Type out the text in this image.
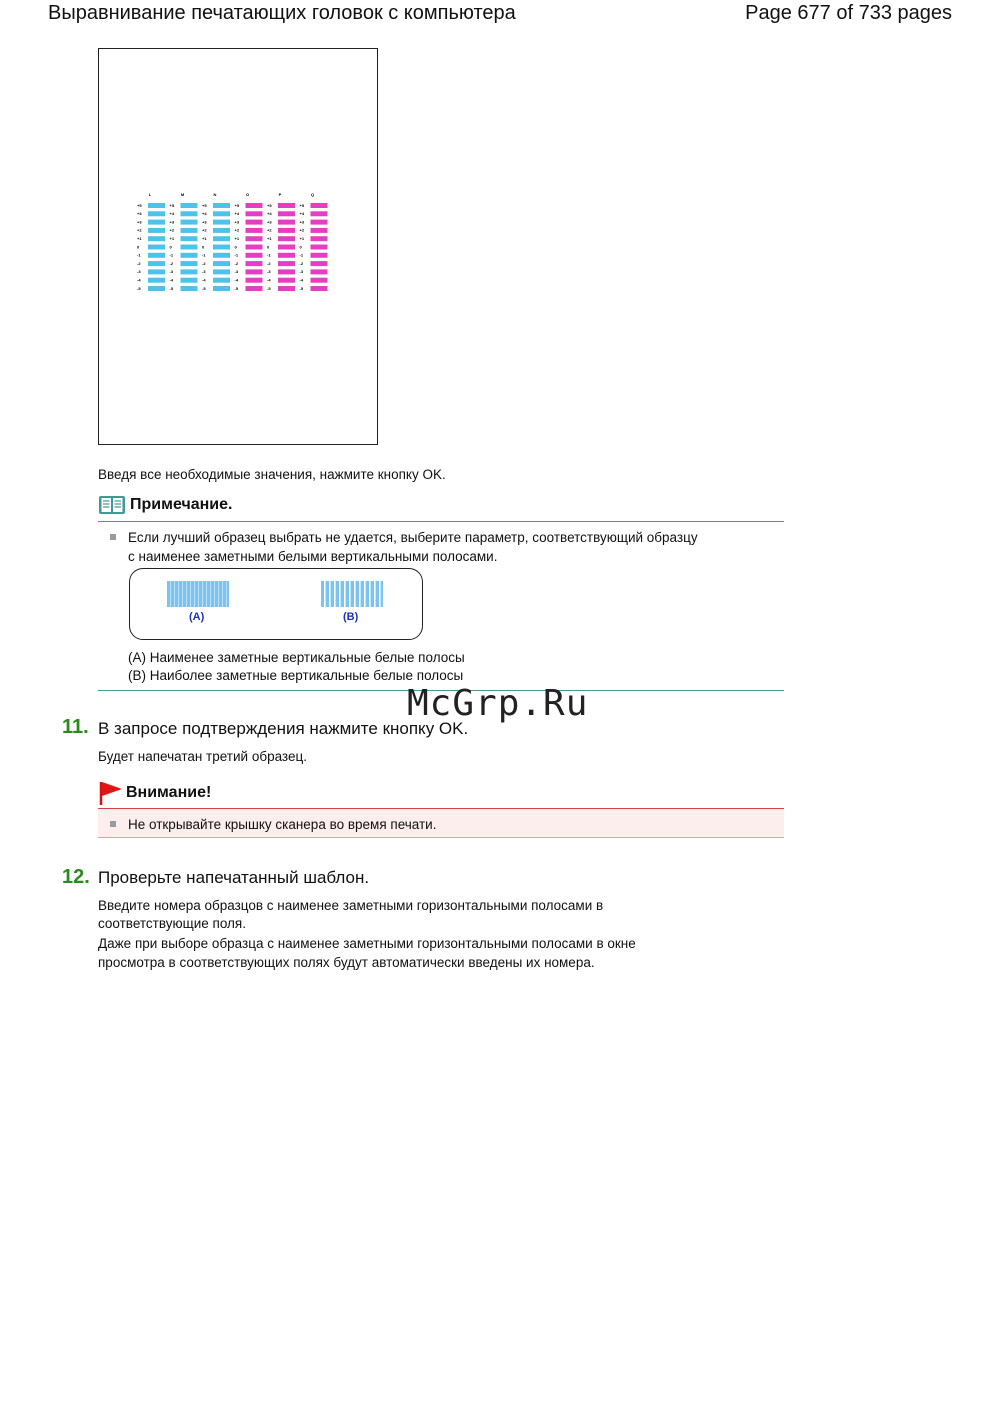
Выравнивание печатающих головок с компьютера	Page 677 of 733 pages
L
+5
+4
+3
+2
+1
0
-1
-2
-3
-4
-5
M
+5
+4
+3
+2
+1
0
-1
-2
-3
-4
-5
N
+5
+4
+3
+2
+1
0
-1
-2
-3
-4
-5
O
+5
+4
+3
+2
+1
0
-1
-2
-3
-4
-5
P
+5
+4
+3
+2
+1
0
-1
-2
-3
-4
-5
Q
+5
+4
+3
+2
+1
0
-1
-2
-3
-4
-5
Введя все необходимые значения, нажмите кнопку OK.
Примечание.
Если лучший образец выбрать не удается, выберите параметр, соответствующий образцу
с наименее заметными белыми вертикальными полосами.
(A)	(B)
(A) Наименее заметные вертикальные белые полосы
(B) Наиболее заметные вертикальные белые полосы
11. В запросе подтверждения нажмите кнопку OK.
McGrp.Ru
Будет напечатан третий образец.
Внимание!
Не открывайте крышку сканера во время печати.
12. Проверьте напечатанный шаблон.
Введите номера образцов с наименее заметными горизонтальными полосами в
соответствующие поля.
Даже при выборе образца с наименее заметными горизонтальными полосами в окне
просмотра в соответствующих полях будут автоматически введены их номера.
